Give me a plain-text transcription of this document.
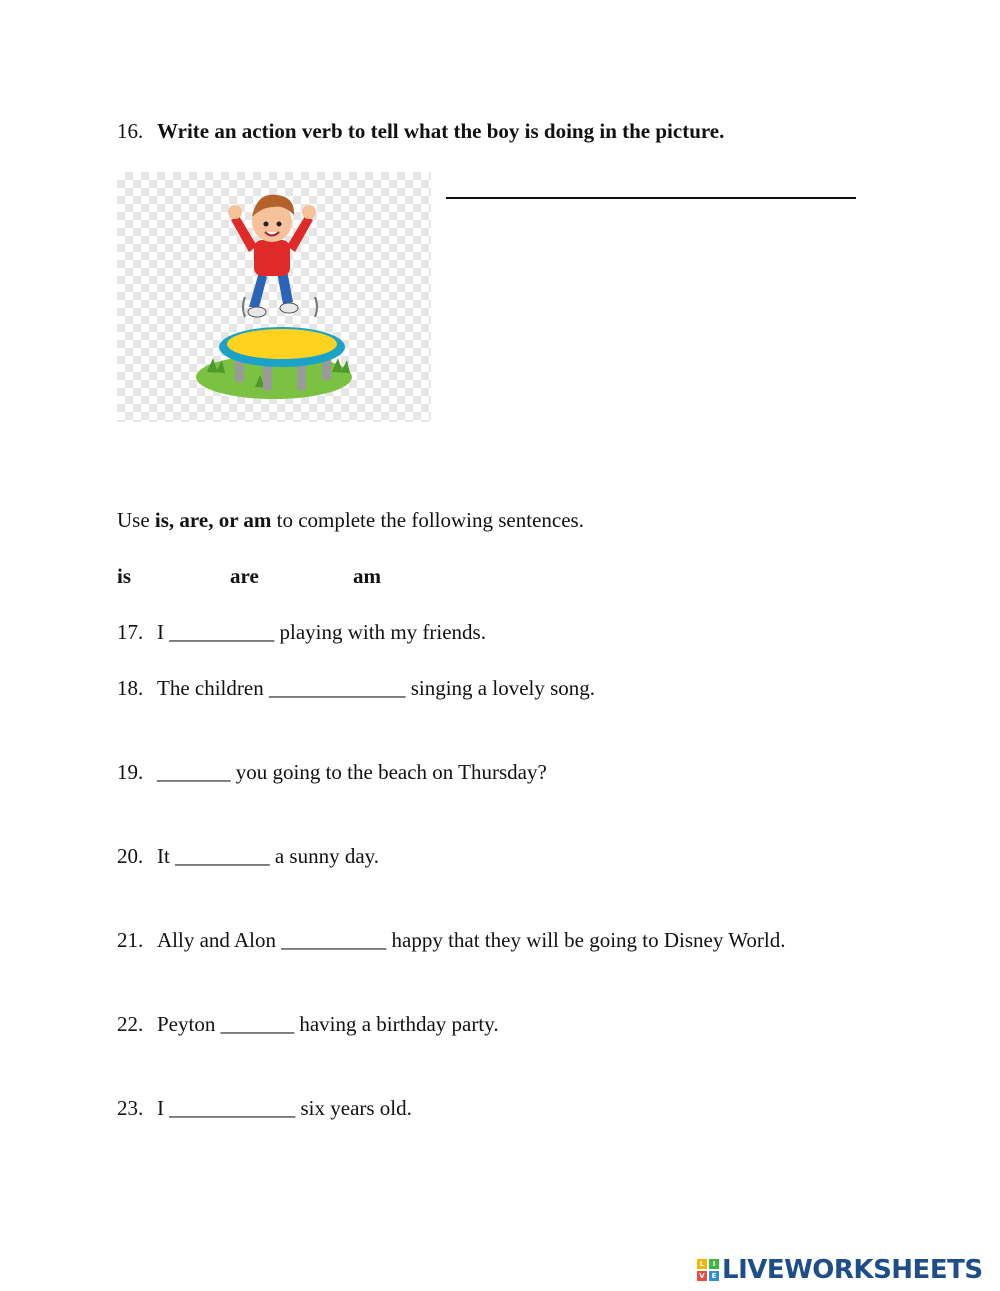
16. Write an action verb to tell what the boy is doing in the picture.
Use is, are, or am to complete the following sentences.

is

	are

	am

17. I __________ playing with my friends.
18. The children _____________ singing a lovely song.
19. _______ you going to the beach on Thursday?
20. It _________ a sunny day.
21. Ally and Alon __________ happy that they will be going to Disney World.
22. Peyton _______ having a birthday party.
23. I ____________ six years old.
L	I
V E LIVEWORKSHEETS
